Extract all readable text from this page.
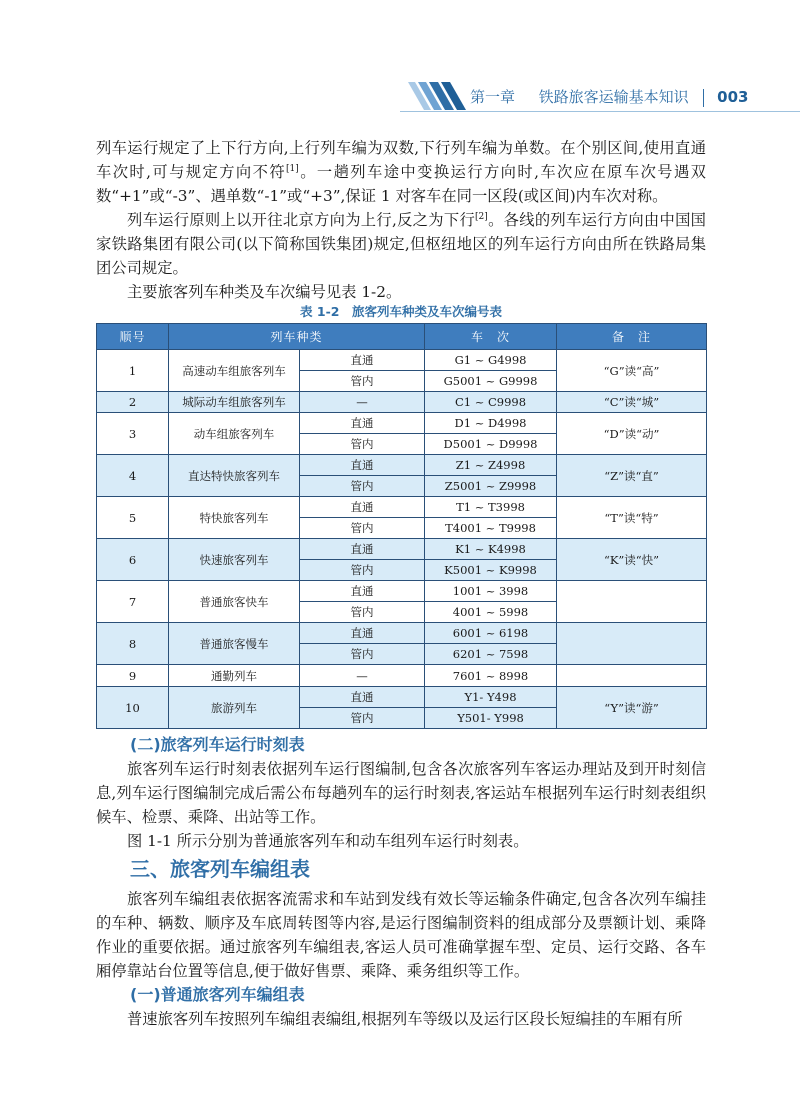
第一章 铁路旅客运输基本知识 003

列车运行规定了上下行方向,上行列车编为双数,下行列车编为单数。在个别区间,使用直通车次时,可与规定方向不符[1]。一趟列车途中变换运行方向时,车次应在原车次号遇双数“+1”或“-3”、遇单数“-1”或“+3”,保证 1 对客车在同一区段(或区间)内车次对称。

列车运行原则上以开往北京方向为上行,反之为下行[2]。各线的列车运行方向由中国国家铁路集团有限公司(以下简称国铁集团)规定,但枢纽地区的列车运行方向由所在铁路局集团公司规定。

主要旅客列车种类及车次编号见表 1-2。

表 1-2　旅客列车种类及车次编号表
顺号	列车种类		车　次	备　注
1	高速动车组旅客列车	直通	G1 ~ G4998	“G”读“高”
		管内	G5001 ~ G9998	
2	城际动车组旅客列车	—	C1 ~ C9998	“C”读“城”
3	动车组旅客列车	直通	D1 ~ D4998	“D”读“动”
		管内	D5001 ~ D9998	
4	直达特快旅客列车	直通	Z1 ~ Z4998	“Z”读“直”
		管内	Z5001 ~ Z9998	
5	特快旅客列车	直通	T1 ~ T3998	“T”读“特”
		管内	T4001 ~ T9998	
6	快速旅客列车	直通	K1 ~ K4998	“K”读“快”
		管内	K5001 ~ K9998	
7	普通旅客快车	直通	1001 ~ 3998	
		管内	4001 ~ 5998	
8	普通旅客慢车	直通	6001 ~ 6198	
		管内	6201 ~ 7598	
9	通勤列车	—	7601 ~ 8998	
10	旅游列车	直通	Y1- Y498	“Y”读“游”
		管内	Y501- Y998	
(二)旅客列车运行时刻表

旅客列车运行时刻表依据列车运行图编制,包含各次旅客列车客运办理站及到开时刻信息,列车运行图编制完成后需公布每趟列车的运行时刻表,客运站车根据列车运行时刻表组织候车、检票、乘降、出站等工作。

图 1-1 所示分别为普通旅客列车和动车组列车运行时刻表。

三、旅客列车编组表

旅客列车编组表依据客流需求和车站到发线有效长等运输条件确定,包含各次列车编挂的车种、辆数、顺序及车底周转图等内容,是运行图编制资料的组成部分及票额计划、乘降作业的重要依据。通过旅客列车编组表,客运人员可准确掌握车型、定员、运行交路、各车厢停靠站台位置等信息,便于做好售票、乘降、乘务组织等工作。

(一)普通旅客列车编组表

普速旅客列车按照列车编组表编组,根据列车等级以及运行区段长短编挂的车厢有所
